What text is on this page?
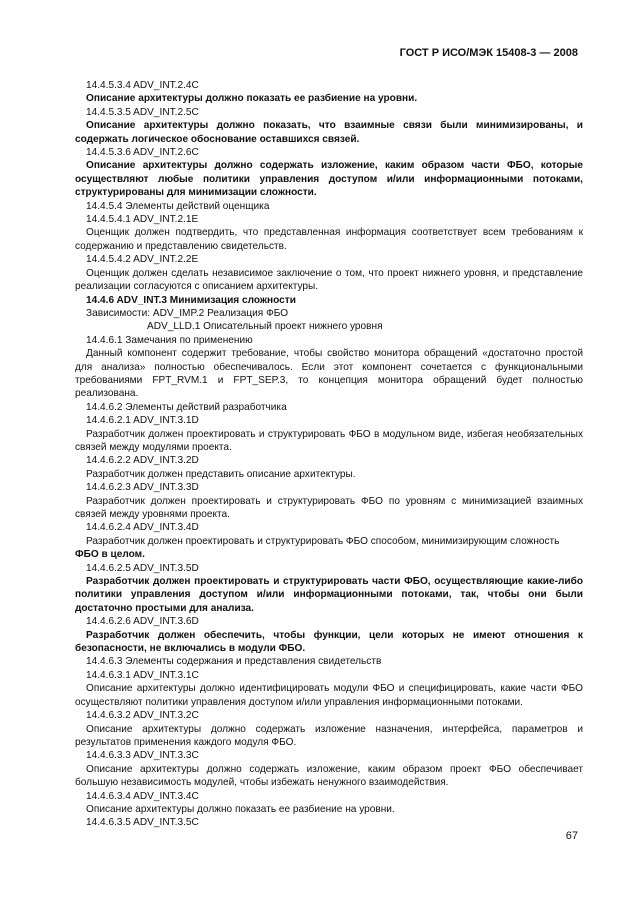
ГОСТ Р ИСО/МЭК 15408-3 — 2008

14.4.5.3.4 ADV_INT.2.4C

Описание архитектуры должно показать ее разбиение на уровни.

14.4.5.3.5 ADV_INT.2.5C

Описание архитектуры должно показать, что взаимные связи были минимизированы, и содержать логическое обоснование оставшихся связей.

14.4.5.3.6 ADV_INT.2.6C

Описание архитектуры должно содержать изложение, каким образом части ФБО, которые осуществляют любые политики управления доступом и/или информационными потоками, структурированы для минимизации сложности.

14.4.5.4 Элементы действий оценщика

14.4.5.4.1 ADV_INT.2.1E

Оценщик должен подтвердить, что представленная информация соответствует всем требованиям к содержанию и представлению свидетельств.

14.4.5.4.2 ADV_INT.2.2E

Оценщик должен сделать независимое заключение о том, что проект нижнего уровня, и представление реализации согласуются с описанием архитектуры.

14.4.6 ADV_INT.3 Минимизация сложности

Зависимости: ADV_IMP.2 Реализация ФБО

ADV_LLD.1 Описательный проект нижнего уровня

14.4.6.1 Замечания по применению

Данный компонент содержит требование, чтобы свойство монитора обращений «достаточно простой для анализа» полностью обеспечивалось. Если этот компонент сочетается с функциональными требованиями FPT_RVM.1 и FPT_SEP.3, то концепция монитора обращений будет полностью реализована.

14.4.6.2 Элементы действий разработчика

14.4.6.2.1 ADV_INT.3.1D

Разработчик должен проектировать и структурировать ФБО в модульном виде, избегая необязательных связей между модулями проекта.

14.4.6.2.2 ADV_INT.3.2D

Разработчик должен представить описание архитектуры.

14.4.6.2.3 ADV_INT.3.3D

Разработчик должен проектировать и структурировать ФБО по уровням с минимизацией взаимных связей между уровнями проекта.

14.4.6.2.4 ADV_INT.3.4D

Разработчик должен проектировать и структурировать ФБО способом, минимизирующим сложность

ФБО в целом.

14.4.6.2.5 ADV_INT.3.5D

Разработчик должен проектировать и структурировать части ФБО, осуществляющие какие-либо политики управления доступом и/или информационными потоками, так, чтобы они были достаточно простыми для анализа.

14.4.6.2.6 ADV_INT.3.6D

Разработчик должен обеспечить, чтобы функции, цели которых не имеют отношения к безопасности, не включались в модули ФБО.

14.4.6.3 Элементы содержания и представления свидетельств

14.4.6.3.1 ADV_INT.3.1C

Описание архитектуры должно идентифицировать модули ФБО и специфицировать, какие части ФБО осуществляют политики управления доступом и/или управления информационными потоками.

14.4.6.3.2 ADV_INT.3.2C

Описание архитектуры должно содержать изложение назначения, интерфейса, параметров и результатов применения каждого модуля ФБО.

14.4.6.3.3 ADV_INT.3.3C

Описание архитектуры должно содержать изложение, каким образом проект ФБО обеспечивает большую независимость модулей, чтобы избежать ненужного взаимодействия.

14.4.6.3.4 ADV_INT.3.4C

Описание архитектуры должно показать ее разбиение на уровни.

14.4.6.3.5 ADV_INT.3.5C

67
